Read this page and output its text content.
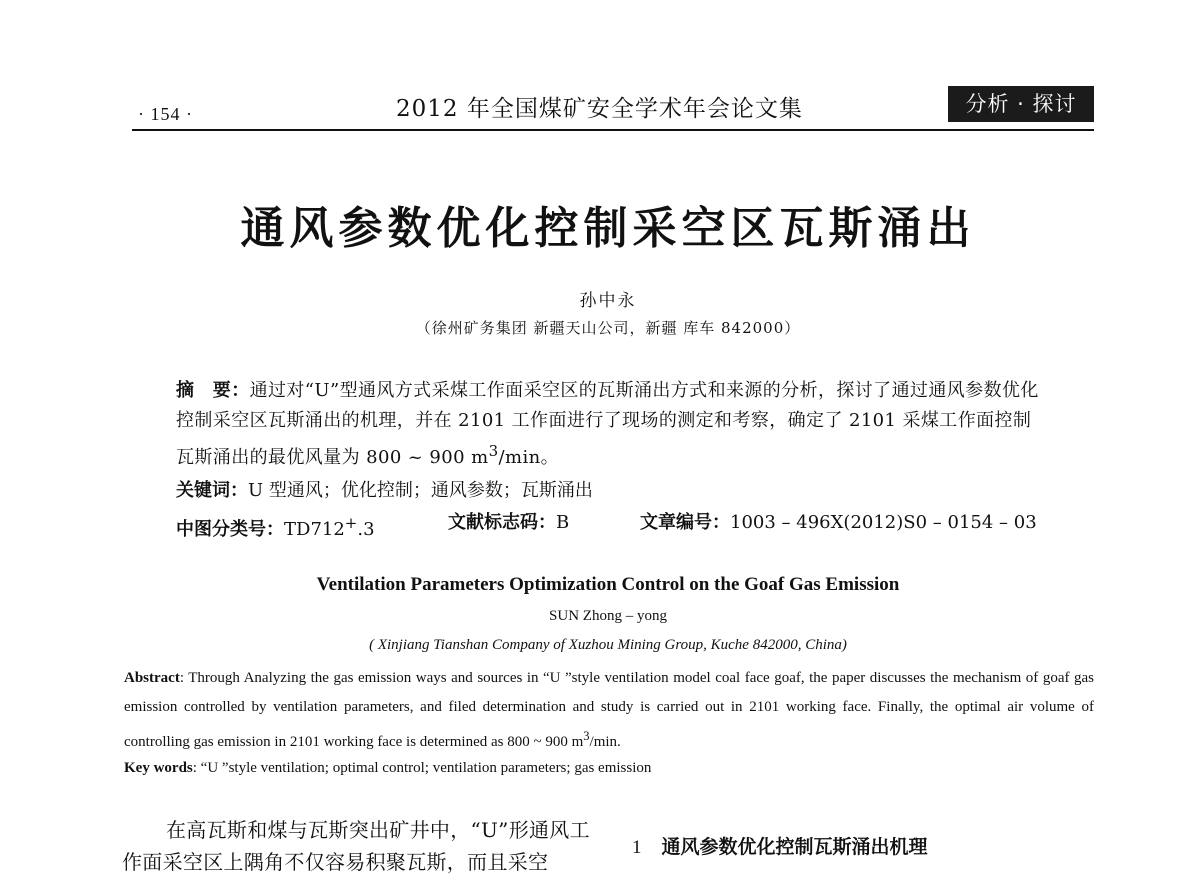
· 154 ·	2012 年全国煤矿安全学术年会论文集	分析 · 探讨
通风参数优化控制采空区瓦斯涌出
孙中永
（徐州矿务集团 新疆天山公司，新疆 库车 842000）

摘　要：通过对“U”型通风方式采煤工作面采空区的瓦斯涌出方式和来源的分析，探讨了通过通风参数优化控制采空区瓦斯涌出的机理，并在 2101 工作面进行了现场的测定和考察，确定了 2101 采煤工作面控制瓦斯涌出的最优风量为 800 ~ 900 $m^3/\min$。

关键词：U 型通风；优化控制；通风参数；瓦斯涌出

中图分类号：TD712+.3	文献标志码：B	文章编号：1003 – 496X(2012)S0 – 0154 – 03
Ventilation Parameters Optimization Control on the Goaf Gas Emission
SUN Zhong – yong
( Xinjiang Tianshan Company of Xuzhou Mining Group, Kuche 842000, China)

Abstract: Through Analyzing the gas emission ways and sources in “U ”style ventilation model coal face goaf, the paper discusses the mechanism of goaf gas emission controlled by ventilation parameters, and filed determination and study is carried out in 2101 working face. Finally, the optimal air volume of controlling gas emission in 2101 working face is determined as 800 ~ 900 $m^3/\min$.

Key words: “U ”style ventilation; optimal control; ventilation parameters; gas emission

在高瓦斯和煤与瓦斯突出矿井中，“U”形通风工作面采空区上隅角不仅容易积聚瓦斯，而且采空

1 通风参数优化控制瓦斯涌出机理
